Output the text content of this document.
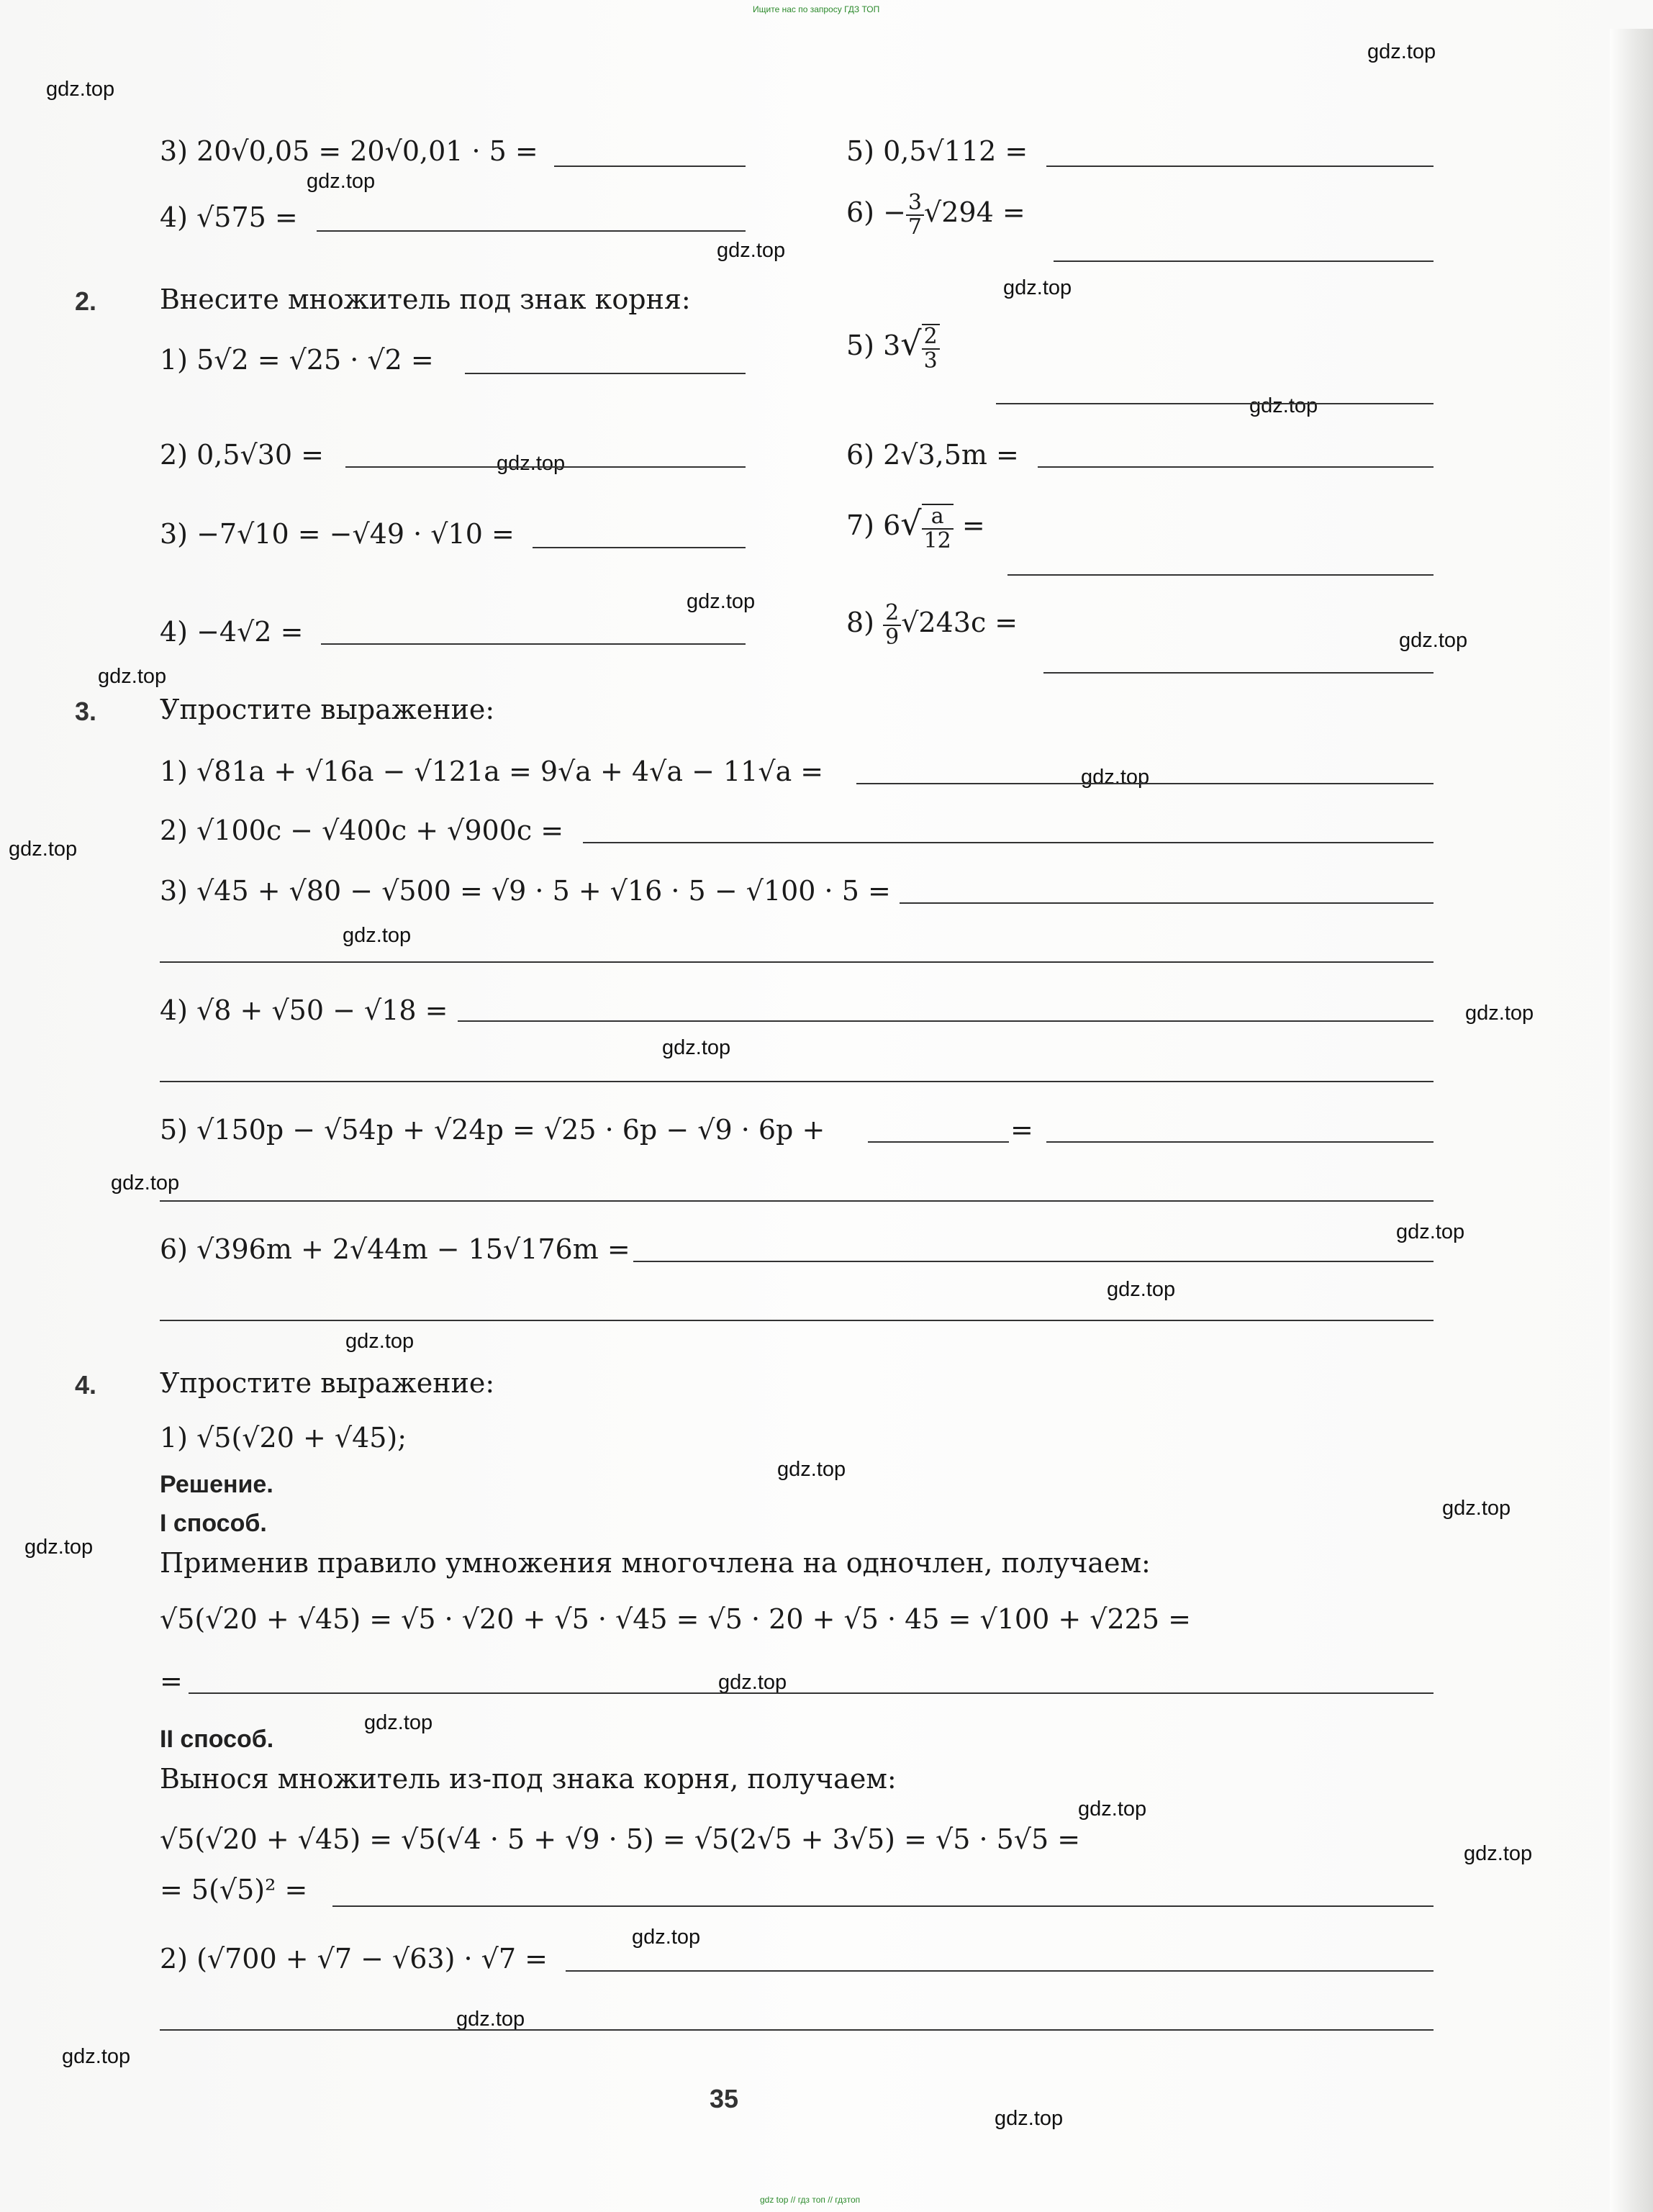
Ищите нас по запросу ГДЗ ТОП
gdz top // гдз топ // гдзтоп
gdz.top
gdz.top
gdz.top
gdz.top
gdz.top
gdz.top
gdz.top
gdz.top
gdz.top
gdz.top
gdz.top
gdz.top
gdz.top
gdz.top
gdz.top
gdz.top
gdz.top
gdz.top
gdz.top
gdz.top
gdz.top
gdz.top
gdz.top
gdz.top
gdz.top
gdz.top
gdz.top
gdz.top
gdz.top
gdz.top
3) 20√0,05 = 20√0,01 · 5 =	5) 0,5√112 =
4) √575 =	$6) - \frac{3}{7} √294$ =
2. Внесите множитель под знак корня:
1) 5√2 = √25 · √2 =	5) $3√ \frac{2}{3}$
2) 0,5√30 =	6) 2√3,5m =
3) −7√10 = −√49 · √10 =	7) $6√ \frac{a}{12}$ =
4) −4√2 =	$8) \frac{2}{9} √243c$ =
3. Упростите выражение:
1) √81a + √16a − √121a = 9√a + 4√a − 11√a =
2) √100c − √400c + √900c =
3) √45 + √80 − √500 = √9 · 5 + √16 · 5 − √100 · 5 =
4) √8 + √50 − √18 =
5) √150p − √54p + √24p = √25 · 6p − √9 · 6p +	=
6) √396m + 2√44m − 15√176m =
4. Упростите выражение:
1) √5(√20 + √45);
Решение.
I способ.
Применив правило умножения многочлена на одночлен, получаем:
√5(√20 + √45) = √5 · √20 + √5 · √45 = √5 · 20 + √5 · 45 = √100 + √225 =
=
II способ.
Вынося множитель из-под знака корня, получаем:
√5(√20 + √45) = √5(√4 · 5 + √9 · 5) = √5(2√5 + 3√5) = √5 · 5√5 =
= 5(√5)² =
2) (√700 + √7 − √63) · √7 =
35
